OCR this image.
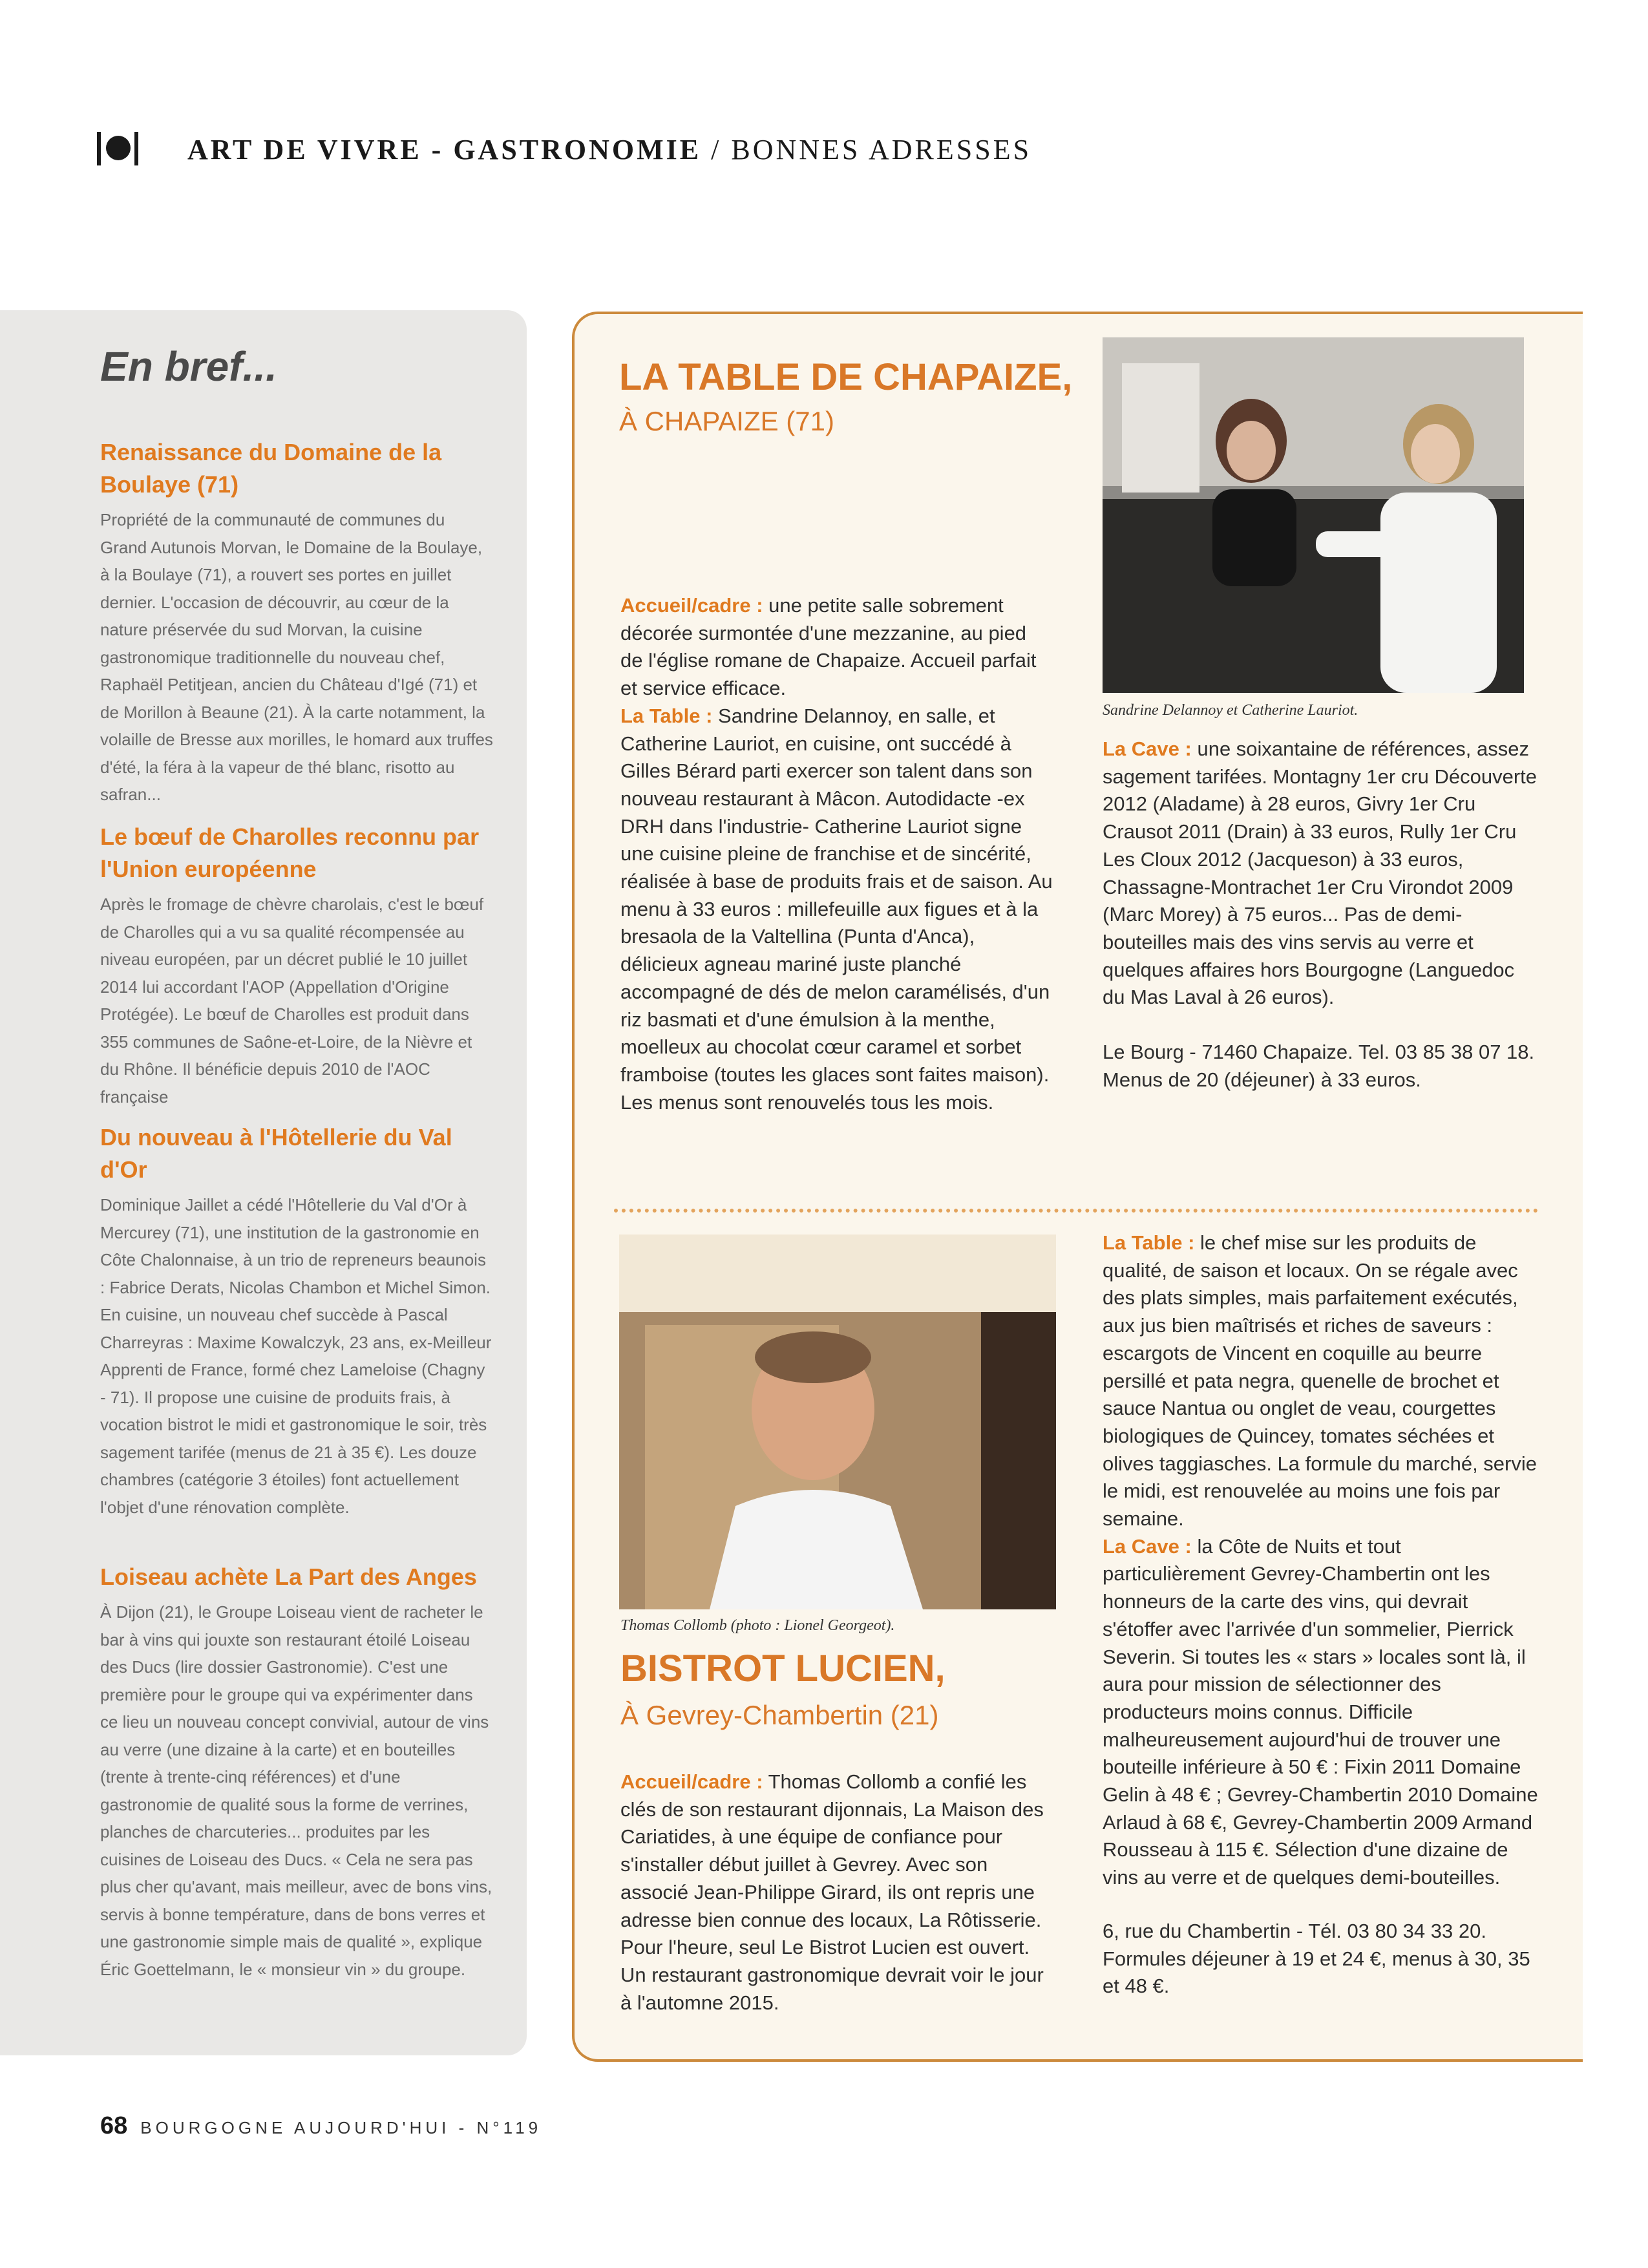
ART DE VIVRE - GASTRONOMIE / BONNES ADRESSES
En bref...
Renaissance du Domaine de la Boulaye (71)

Propriété de la communauté de communes du Grand Autunois Morvan, le Domaine de la Boulaye, à la Boulaye (71), a rouvert ses portes en juillet dernier. L'occasion de découvrir, au cœur de la nature préservée du sud Morvan, la cuisine gastronomique traditionnelle du nouveau chef, Raphaël Petitjean, ancien du Château d'Igé (71) et de Morillon à Beaune (21). À la carte notamment, la volaille de Bresse aux morilles, le homard aux truffes d'été, la féra à la vapeur de thé blanc, risotto au safran...

Le bœuf de Charolles reconnu par l'Union européenne

Après le fromage de chèvre charolais, c'est le bœuf de Charolles qui a vu sa qualité récompensée au niveau européen, par un décret publié le 10 juillet 2014 lui accordant l'AOP (Appellation d'Origine Protégée). Le bœuf de Charolles est produit dans 355 communes de Saône-et-Loire, de la Nièvre et du Rhône. Il bénéficie depuis 2010 de l'AOC française

Du nouveau à l'Hôtellerie du Val d'Or

Dominique Jaillet a cédé l'Hôtellerie du Val d'Or à Mercurey (71), une institution de la gastronomie en Côte Chalonnaise, à un trio de repreneurs beaunois : Fabrice Derats, Nicolas Chambon et Michel Simon. En cuisine, un nouveau chef succède à Pascal Charreyras : Maxime Kowalczyk, 23 ans, ex-Meilleur Apprenti de France, formé chez Lameloise (Chagny - 71). Il propose une cuisine de produits frais, à vocation bistrot le midi et gastronomique le soir, très sagement tarifée (menus de 21 à 35 €). Les douze chambres (catégorie 3 étoiles) font actuellement l'objet d'une rénovation complète.

Loiseau achète La Part des Anges

À Dijon (21), le Groupe Loiseau vient de racheter le bar à vins qui jouxte son restaurant étoilé Loiseau des Ducs (lire dossier Gastronomie). C'est une première pour le groupe qui va expérimenter dans ce lieu un nouveau concept convivial, autour de vins au verre (une dizaine à la carte) et en bouteilles (trente à trente-cinq références) et d'une gastronomie de qualité sous la forme de verrines, planches de charcuteries... produites par les cuisines de Loiseau des Ducs. « Cela ne sera pas plus cher qu'avant, mais meilleur, avec de bons vins, servis à bonne température, dans de bons verres et une gastronomie simple mais de qualité », explique Éric Goettelmann, le « monsieur vin » du groupe.

LA TABLE DE CHAPAIZE,
À CHAPAIZE (71)
Sandrine Delannoy et Catherine Lauriot.

Accueil/cadre : une petite salle sobrement décorée surmontée d'une mezzanine, au pied de l'église romane de Chapaize. Accueil parfait et service efficace.

La Table : Sandrine Delannoy, en salle, et Catherine Lauriot, en cuisine, ont succédé à Gilles Bérard parti exercer son talent dans son nouveau restaurant à Mâcon. Autodidacte -ex DRH dans l'industrie- Catherine Lauriot signe une cuisine pleine de franchise et de sincérité, réalisée à base de produits frais et de saison. Au menu à 33 euros : millefeuille aux figues et à la bresaola de la Valtellina (Punta d'Anca), délicieux agneau mariné juste planché accompagné de dés de melon caramélisés, d'un riz basmati et d'une émulsion à la menthe, moelleux au chocolat cœur caramel et sorbet framboise (toutes les glaces sont faites maison). Les menus sont renouvelés tous les mois.

La Cave : une soixantaine de références, assez sagement tarifées. Montagny 1er cru Découverte 2012 (Aladame) à 28 euros, Givry 1er Cru Crausot 2011 (Drain) à 33 euros, Rully 1er Cru Les Cloux 2012 (Jacqueson) à 33 euros, Chassagne-Montrachet 1er Cru Virondot 2009 (Marc Morey) à 75 euros... Pas de demi-bouteilles mais des vins servis au verre et quelques affaires hors Bourgogne (Languedoc du Mas Laval à 26 euros).

Le Bourg - 71460 Chapaize. Tel. 03 85 38 07 18. Menus de 20 (déjeuner) à 33 euros.

Thomas Collomb (photo : Lionel Georgeot).
BISTROT LUCIEN,
À Gevrey-Chambertin (21)

Accueil/cadre : Thomas Collomb a confié les clés de son restaurant dijonnais, La Maison des Cariatides, à une équipe de confiance pour s'installer début juillet à Gevrey. Avec son associé Jean-Philippe Girard, ils ont repris une adresse bien connue des locaux, La Rôtisserie. Pour l'heure, seul Le Bistrot Lucien est ouvert. Un restaurant gastronomique devrait voir le jour à l'automne 2015.

La Table : le chef mise sur les produits de qualité, de saison et locaux. On se régale avec des plats simples, mais parfaitement exécutés, aux jus bien maîtrisés et riches de saveurs : escargots de Vincent en coquille au beurre persillé et pata negra, quenelle de brochet et sauce Nantua ou onglet de veau, courgettes biologiques de Quincey, tomates séchées et olives taggiasches. La formule du marché, servie le midi, est renouvelée au moins une fois par semaine.

La Cave : la Côte de Nuits et tout particulièrement Gevrey-Chambertin ont les honneurs de la carte des vins, qui devrait s'étoffer avec l'arrivée d'un sommelier, Pierrick Severin. Si toutes les « stars » locales sont là, il aura pour mission de sélectionner des producteurs moins connus. Difficile malheureusement aujourd'hui de trouver une bouteille inférieure à 50 € : Fixin 2011 Domaine Gelin à 48 € ; Gevrey-Chambertin 2010 Domaine Arlaud à 68 €, Gevrey-Chambertin 2009 Armand Rousseau à 115 €. Sélection d'une dizaine de vins au verre et de quelques demi-bouteilles.

6, rue du Chambertin - Tél. 03 80 34 33 20. Formules déjeuner à 19 et 24 €, menus à 30, 35 et 48 €.

68 BOURGOGNE AUJOURD'HUI - N°119
